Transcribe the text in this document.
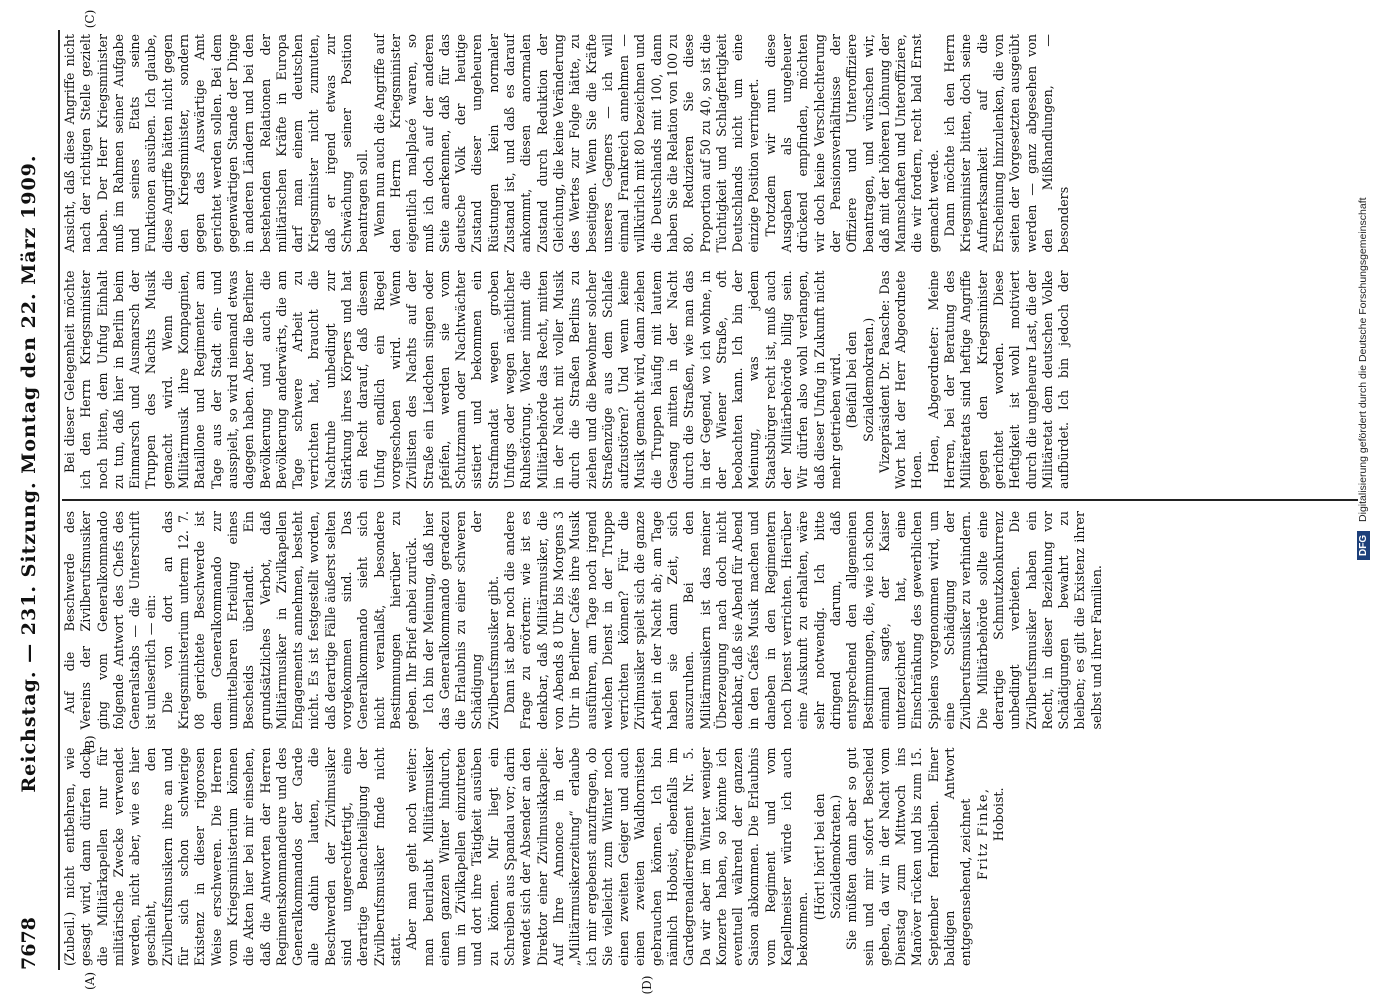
7678
Reichstag. — 231. Sitzung. Montag den 22. März 1909.
(A)

(Zubeil.) nicht entbehren, wie gesagt wird, dann dürfen doch die Militärkapellen nur für militärische Zwecke verwendet werden, nicht aber, wie es hier geschieht, den Zivilberufsmusikern ihre an und für sich schon schwierige Existenz in dieser rigorosen Weise erschweren. Die Herren vom Kriegsministerium können die Akten hier bei mir einsehen, daß die Antworten der Herren Regimentskommandeure und des Generalkommandos der Garde alle dahin lauten, die Beschwerden der Zivilmusiker sind ungerechtfertigt, eine derartige Benachteiligung der Zivilberufsmusiker finde nicht statt. Aber man geht noch weiter: man beurlaubt Militärmusiker einen ganzen Winter hindurch, um in Zivilkapellen einzutreten und dort ihre Tätigkeit ausüben zu können. Mir liegt ein Schreiben aus Spandau vor; darin wendet sich der Absender an den Direktor einer Zivilmusikkapelle: Auf Ihre Annonce in der „Militärmusikerzeitung“ erlaube ich mir ergebenst anzufragen, ob Sie vielleicht zum Winter noch einen zweiten Geiger und auch einen zweiten Waldhornisten gebrauchen können. Ich bin nämlich Hoboist, ebenfalls im Gardegrenadierregiment Nr. 5. Da wir aber im Winter weniger Konzerte haben, so könnte ich eventuell während der ganzen Saison abkommen. Die Erlaubnis vom Regiment und vom Kapellmeister würde ich auch bekommen.

(Hört! hört! bei den Sozialdemokraten.) Sie müßten dann aber so gut sein und mir sofort Bescheid geben, da wir in der Nacht vom Dienstag zum Mittwoch ins Manöver rücken und bis zum 15. September fernbleiben. Einer baldigen Antwort entgegensehend, zeichnet Fritz Finke, Hoboist.

(B)

Auf die Beschwerde des Vereins der Zivilberufsmusiker ging vom Generalkommando folgende Antwort des Chefs des Generalstabs — die Unterschrift ist unleserlich — ein: Die von dort an das Kriegsministerium unterm 12. 7. 08 gerichtete Beschwerde ist dem Generalkommando zur unmittelbaren Erteilung eines Bescheids überlandt. Ein grundsätzliches Verbot, daß Militärmusiker in Zivilkapellen Engagements annehmen, besteht nicht. Es ist festgestellt worden, daß derartige Fälle äußerst selten vorgekommen sind. Das Generalkommando sieht sich nicht veranlaßt, besondere Bestimmungen hierüber zu geben. Ihr Brief anbei zurück. Ich bin der Meinung, daß hier das Generalkommando geradezu die Erlaubnis zu einer schweren Schädigung der Zivilberufsmusiker gibt. Dann ist aber noch die andere Frage zu erörtern: wie ist es denkbar, daß Militärmusiker, die von Abends 8 Uhr bis Morgens 3 Uhr in Berliner Cafés ihre Musik ausführen, am Tage noch irgend welchen Dienst in der Truppe verrichten können? Für die Zivilmusiker spielt sich die ganze Arbeit in der Nacht ab; am Tage haben sie dann Zeit, sich auszuruhen. Bei den Militärmusikern ist das meiner Überzeugung nach doch nicht denkbar, daß sie Abend für Abend in den Cafés Musik machen und daneben in den Regimentern noch Dienst verrichten. Hierüber eine Auskunft zu erhalten, wäre sehr notwendig. Ich bitte dringend darum, daß entsprechend den allgemeinen Bestimmungen, die, wie ich schon einmal sagte, der Kaiser unterzeichnet hat, eine Einschränkung des gewerblichen Spielens vorgenommen wird, um eine Schädigung der Zivilberufsmusiker zu verhindern. Die Militärbehörde sollte eine derartige Schmutzkonkurrenz unbedingt verbieten. Die Zivilberufsmusiker haben ein Recht, in dieser Beziehung vor Schädigungen bewahrt zu bleiben; es gilt die Existenz ihrer selbst und ihrer Familien.

(C)

Bei dieser Gelegenheit möchte ich den Herrn Kriegsminister noch bitten, dem Unfug Einhalt zu tun, daß hier in Berlin beim Einmarsch und Ausmarsch der Truppen des Nachts Musik gemacht wird. Wenn die Militärmusik ihre Kompagnien, Bataillone und Regimenter am Tage aus der Stadt ein- und ausspielt, so wird niemand etwas dagegen haben. Aber die Berliner Bevölkerung und auch die Bevölkerung anderwärts, die am Tage schwere Arbeit zu verrichten hat, braucht die Nachtruhe unbedingt zur Stärkung ihres Körpers und hat ein Recht darauf, daß diesem Unfug endlich ein Riegel vorgeschoben wird. Wenn Zivilisten des Nachts auf der Straße ein Liedchen singen oder pfeifen, werden sie vom Schutzmann oder Nachtwächter sistiert und bekommen ein Strafmandat wegen groben Unfugs oder wegen nächtlicher Ruhestörung. Woher nimmt die Militärbehörde das Recht, mitten in der Nacht mit voller Musik durch die Straßen Berlins zu ziehen und die Bewohner solcher Straßenzüge aus dem Schlafe aufzustören? Und wenn keine Musik gemacht wird, dann ziehen die Truppen häufig mit lautem Gesang mitten in der Nacht durch die Straßen, wie man das in der Gegend, wo ich wohne, in der Wiener Straße, oft beobachten kann. Ich bin der Meinung, was jedem Staatsbürger recht ist, muß auch der Militärbehörde billig sein. Wir dürfen also wohl verlangen, daß dieser Unfug in Zukunft nicht mehr getrieben wird. (Beifall bei den Sozialdemokraten.) Vizepräsident Dr. Paasche: Das Wort hat der Herr Abgeordnete Hoen. Hoen, Abgeordneter: Meine Herren, bei der Beratung des Militäretats sind heftige Angriffe gegen den Kriegsminister gerichtet worden. Diese Heftigkeit ist wohl motiviert durch die ungeheure Last, die der Militäretat dem deutschen Volke aufbürdet. Ich bin jedoch der Ansicht, daß diese Angriffe nicht nach der richtigen Stelle gezielt haben. Der Herr Kriegsminister muß im Rahmen seiner Aufgabe und seines Etats seine Funktionen ausüben. Ich glaube, diese Angriffe hätten nicht gegen den Kriegsminister, sondern gegen das Auswärtige Amt gerichtet werden sollen. Bei dem gegenwärtigen Stande der Dinge in anderen Ländern und bei den bestehenden Relationen der militärischen Kräfte in Europa darf man einem deutschen Kriegsminister nicht zumuten, daß er irgend etwas zur Schwächung seiner Position beantragen soll. Wenn nun auch die Angriffe auf den Herrn Kriegsminister eigentlich malplacé waren, so muß ich doch auf der anderen Seite anerkennen, daß für das deutsche Volk der heutige Zustand dieser ungeheuren Rüstungen kein normaler Zustand ist, und daß es darauf ankommt, diesen anormalen Zustand durch Reduktion der Gleichung, die keine Veränderung des Wertes zur Folge hätte, zu beseitigen. Wenn Sie die Kräfte unseres Gegners — ich will einmal Frankreich annehmen — willkürlich mit 80 bezeichnen und die Deutschlands mit 100, dann haben Sie die Relation von 100 zu 80. Reduzieren Sie diese Proportion auf 50 zu 40, so ist die Tüchtigkeit und Schlagfertigkeit Deutschlands nicht um eine einzige Position verringert. Trotzdem wir nun diese Ausgaben als ungeheuer drückend empfinden, möchten wir doch keine Verschlechterung der Pensionsverhältnisse der Offiziere und Unteroffiziere beantragen, und wünschen wir, daß mit der höheren Löhnung der Mannschaften und Unteroffiziere, die wir fordern, recht bald Ernst gemacht werde. Dann möchte ich den Herrn Kriegsminister bitten, doch seine Aufmerksamkeit auf die Erscheinung hinzulenken, die von seiten der Vorgesetzten ausgeübt werden — ganz abgesehen von den Mißhandlungen, — besonders

(D)
DFG Digitalisierung gefördert durch die Deutsche Forschungsgemeinschaft
